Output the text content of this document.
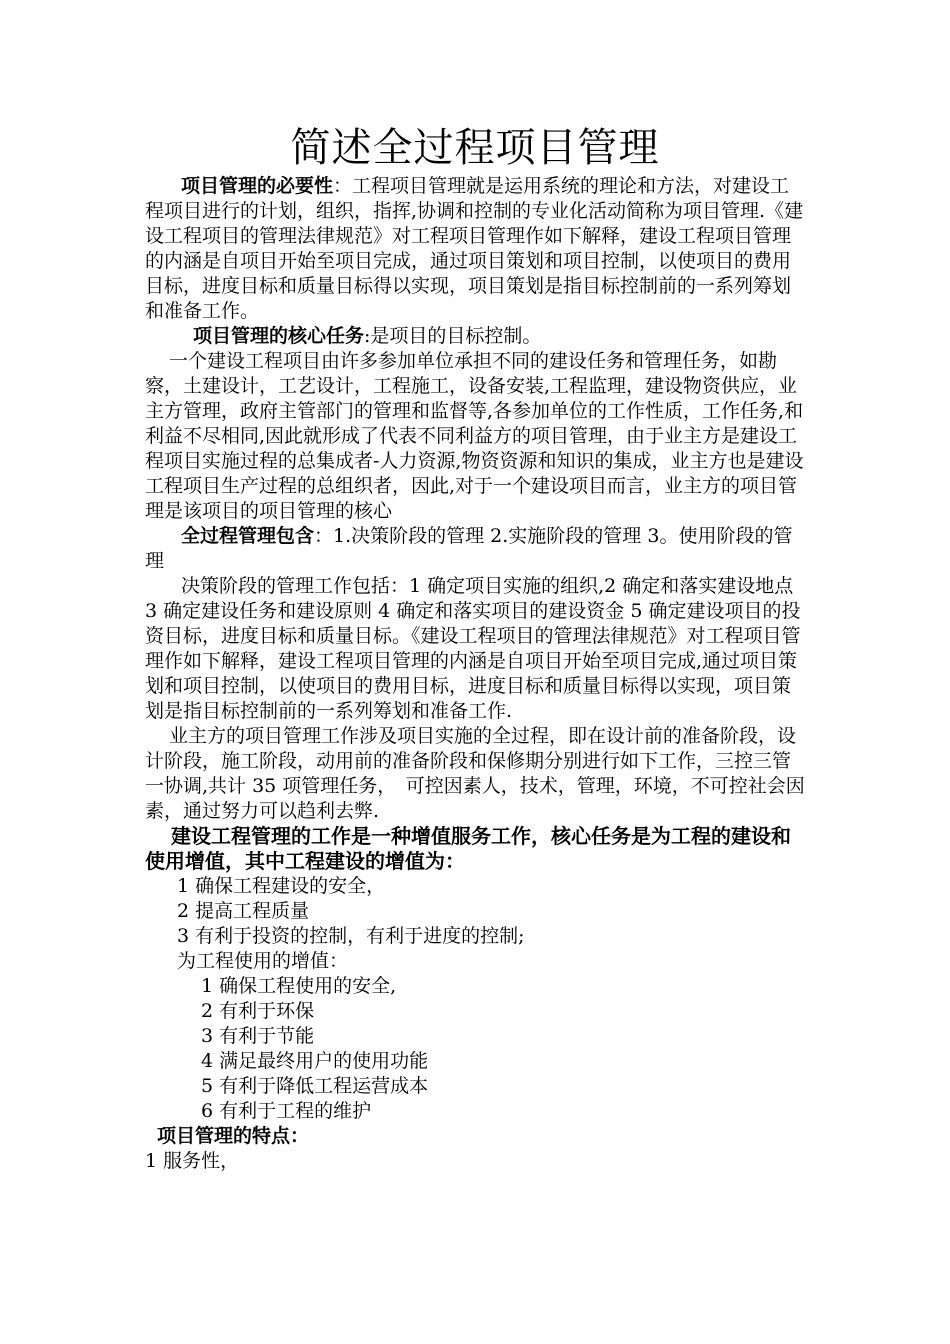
简述全过程项目管理

项目管理的必要性：工程项目管理就是运用系统的理论和方法，对建设工程项目进行的计划，组织，指挥,协调和控制的专业化活动简称为项目管理.《建设工程项目的管理法律规范》对工程项目管理作如下解释，建设工程项目管理的内涵是自项目开始至项目完成，通过项目策划和项目控制，以使项目的费用目标，进度目标和质量目标得以实现，项目策划是指目标控制前的一系列筹划和准备工作。

项目管理的核心任务:是项目的目标控制。

一个建设工程项目由许多参加单位承担不同的建设任务和管理任务，如勘察，土建设计，工艺设计，工程施工，设备安装,工程监理，建设物资供应，业主方管理，政府主管部门的管理和监督等,各参加单位的工作性质，工作任务,和利益不尽相同,因此就形成了代表不同利益方的项目管理，由于业主方是建设工程项目实施过程的总集成者-人力资源,物资资源和知识的集成，业主方也是建设工程项目生产过程的总组织者，因此,对于一个建设项目而言，业主方的项目管理是该项目的项目管理的核心

全过程管理包含：1.决策阶段的管理 2.实施阶段的管理 3。使用阶段的管理

决策阶段的管理工作包括：1 确定项目实施的组织,2 确定和落实建设地点 3 确定建设任务和建设原则 4 确定和落实项目的建设资金 5 确定建设项目的投资目标，进度目标和质量目标。《建设工程项目的管理法律规范》对工程项目管理作如下解释，建设工程项目管理的内涵是自项目开始至项目完成,通过项目策划和项目控制，以使项目的费用目标，进度目标和质量目标得以实现，项目策划是指目标控制前的一系列筹划和准备工作.

业主方的项目管理工作涉及项目实施的全过程，即在设计前的准备阶段，设计阶段，施工阶段，动用前的准备阶段和保修期分别进行如下工作，三控三管一协调,共计 35 项管理任务，　可控因素人，技术，管理，环境，不可控社会因素，通过努力可以趋利去弊.

建设工程管理的工作是一种增值服务工作，核心任务是为工程的建设和使用增值，其中工程建设的增值为：

1 确保工程建设的安全，
2 提高工程质量
3 有利于投资的控制，有利于进度的控制;
为工程使用的增值：
1 确保工程使用的安全,
2 有利于环保
3 有利于节能
4 满足最终用户的使用功能
5 有利于降低工程运营成本
6 有利于工程的维护
项目管理的特点：
1 服务性，
